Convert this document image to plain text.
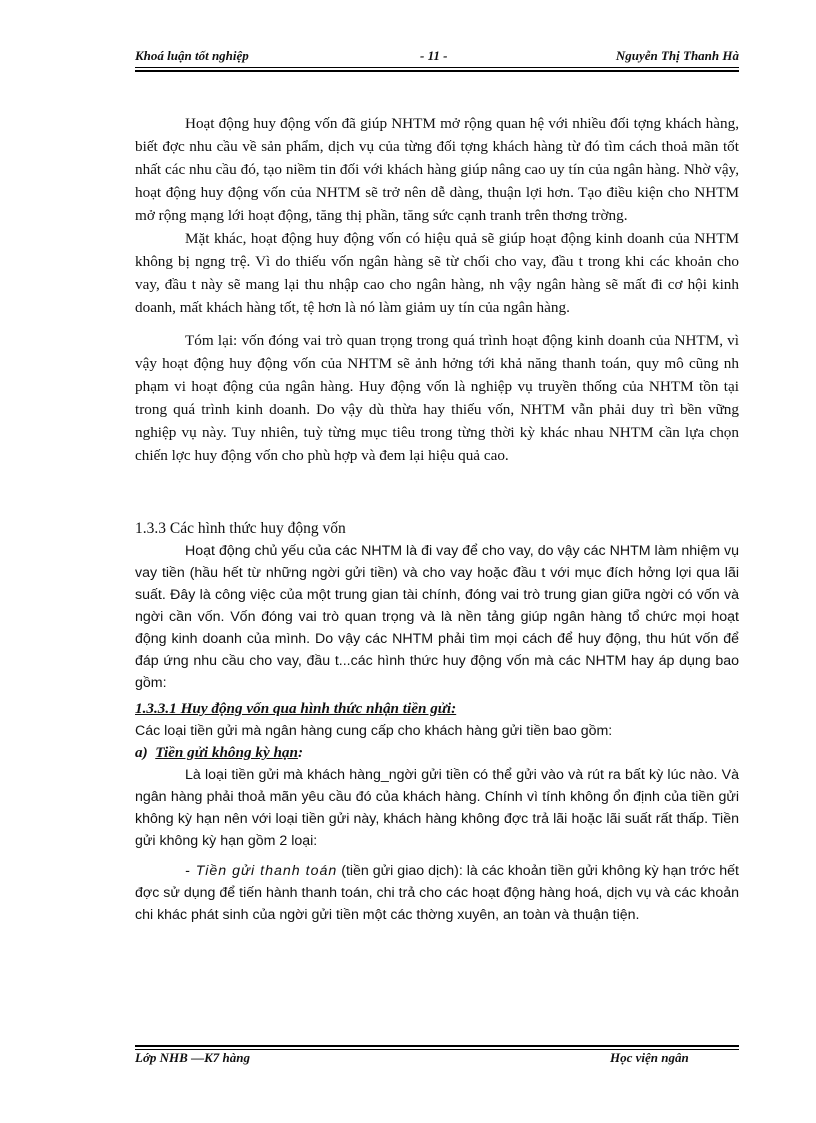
Khoá luận tốt nghiệp	- 11 -	Nguyễn Thị Thanh Hà

Hoạt động huy động vốn đã giúp NHTM mở rộng quan hệ với nhiều đối tợng khách hàng, biết đợc nhu cầu về sản phẩm, dịch vụ của từng đối tợng khách hàng từ đó tìm cách thoả mãn tốt nhất các nhu cầu đó, tạo niềm tin đối với khách hàng giúp nâng cao uy tín của ngân hàng. Nhờ vậy, hoạt động huy động vốn của NHTM sẽ trở nên dễ dàng, thuận lợi hơn. Tạo điều kiện cho NHTM mở rộng mạng lới hoạt động, tăng thị phần, tăng sức cạnh tranh trên thơng trờng.

Mặt khác, hoạt động huy động vốn có hiệu quả sẽ giúp hoạt động kinh doanh của NHTM không bị ngng trệ. Vì do thiếu vốn ngân hàng sẽ từ chối cho vay, đầu t trong khi các khoản cho vay, đầu t này sẽ mang lại thu nhập cao cho ngân hàng, nh vậy ngân hàng sẽ mất đi cơ hội kinh doanh, mất khách hàng tốt, tệ hơn là nó làm giảm uy tín của ngân hàng.

Tóm lại: vốn đóng vai trò quan trọng trong quá trình hoạt động kinh doanh của NHTM, vì vậy hoạt động huy động vốn của NHTM sẽ ảnh hởng tới khả năng thanh toán, quy mô cũng nh phạm vi hoạt động của ngân hàng. Huy động vốn là nghiệp vụ truyền thống của NHTM tồn tại trong quá trình kinh doanh. Do vậy dù thừa hay thiếu vốn, NHTM vẫn phải duy trì bền vững nghiệp vụ này. Tuy nhiên, tuỳ từng mục tiêu trong từng thời kỳ khác nhau NHTM cần lựa chọn chiến lợc huy động vốn cho phù hợp và đem lại hiệu quả cao.

1.3.3 Các hình thức huy động vốn

Hoạt động chủ yếu của các NHTM là đi vay để cho vay, do vậy các NHTM làm nhiệm vụ vay tiền (hầu hết từ những ngời gửi tiền) và cho vay hoặc đầu t với mục đích hởng lợi qua lãi suất. Đây là công việc của một trung gian tài chính, đóng vai trò trung gian giữa ngời có vốn và ngời cần vốn. Vốn đóng vai trò quan trọng và là nền tảng giúp ngân hàng tổ chức mọi hoạt động kinh doanh của mình. Do vậy các NHTM phải tìm mọi cách để huy động, thu hút vốn để đáp ứng nhu cầu cho vay, đầu t...các hình thức huy động vốn mà các NHTM hay áp dụng bao gồm:

1.3.3.1 Huy động vốn qua hình thức nhận tiền gửi:

Các loại tiền gửi mà ngân hàng cung cấp cho khách hàng gửi tiền bao gồm:

a) Tiền gửi không kỳ hạn:

Là loại tiền gửi mà khách hàng_ngời gửi tiền có thể gửi vào và rút ra bất kỳ lúc nào. Và ngân hàng phải thoả mãn yêu cầu đó của khách hàng. Chính vì tính không ổn định của tiền gửi không kỳ hạn nên với loại tiền gửi này, khách hàng không đợc trả lãi hoặc lãi suất rất thấp. Tiền gửi không kỳ hạn gồm 2 loại:

- Tiền gửi thanh toán (tiền gửi giao dịch): là các khoản tiền gửi không kỳ hạn trớc hết đợc sử dụng để tiến hành thanh toán, chi trả cho các hoạt động hàng hoá, dịch vụ và các khoản chi khác phát sinh của ngời gửi tiền một các thờng xuyên, an toàn và thuận tiện.

Lớp NHB —K7 hàng	Học viện ngân
